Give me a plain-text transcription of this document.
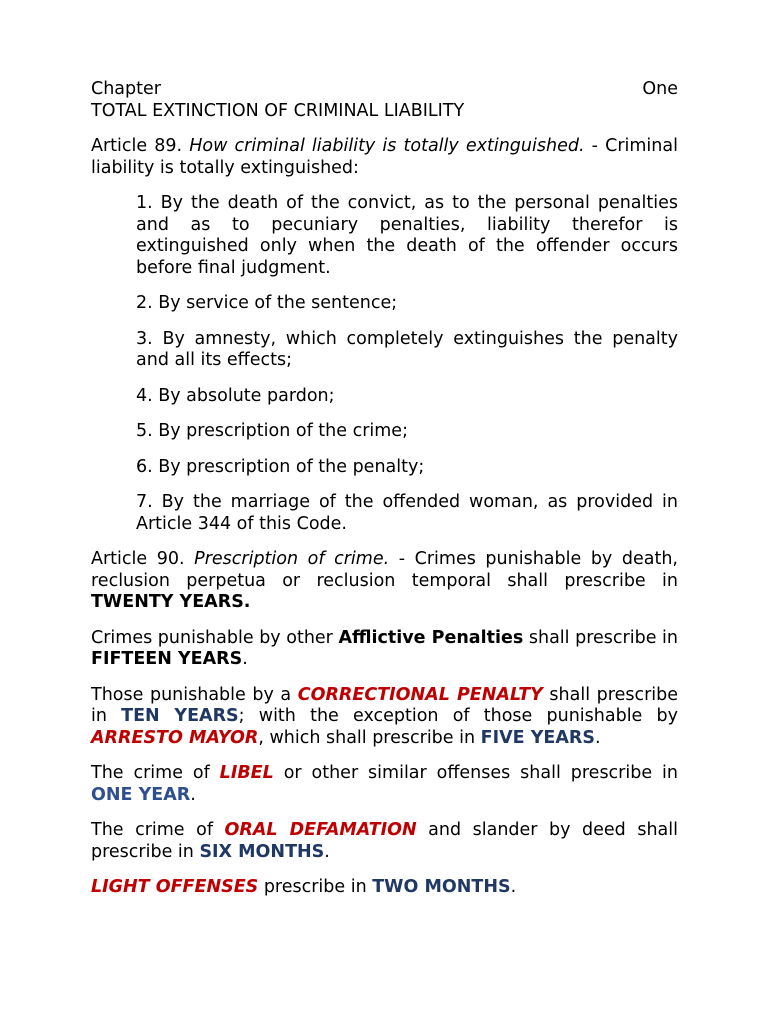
Chapter	One

TOTAL EXTINCTION OF CRIMINAL LIABILITY

Article 89. How criminal liability is totally extinguished. - Criminal liability is totally extinguished:

1. By the death of the convict, as to the personal penalties and as to pecuniary penalties, liability therefor is extinguished only when the death of the offender occurs before final judgment.

2. By service of the sentence;

3. By amnesty, which completely extinguishes the penalty and all its effects;

4. By absolute pardon;

5. By prescription of the crime;

6. By prescription of the penalty;

7. By the marriage of the offended woman, as provided in Article 344 of this Code.

Article 90. Prescription of crime. - Crimes punishable by death, reclusion perpetua or reclusion temporal shall prescribe in TWENTY YEARS.

Crimes punishable by other Afflictive Penalties shall prescribe in FIFTEEN YEARS.

Those punishable by a CORRECTIONAL PENALTY shall prescribe in TEN YEARS; with the exception of those punishable by ARRESTO MAYOR, which shall prescribe in FIVE YEARS.

The crime of LIBEL or other similar offenses shall prescribe in ONE YEAR.

The crime of ORAL DEFAMATION and slander by deed shall prescribe in SIX MONTHS.

LIGHT OFFENSES prescribe in TWO MONTHS.
